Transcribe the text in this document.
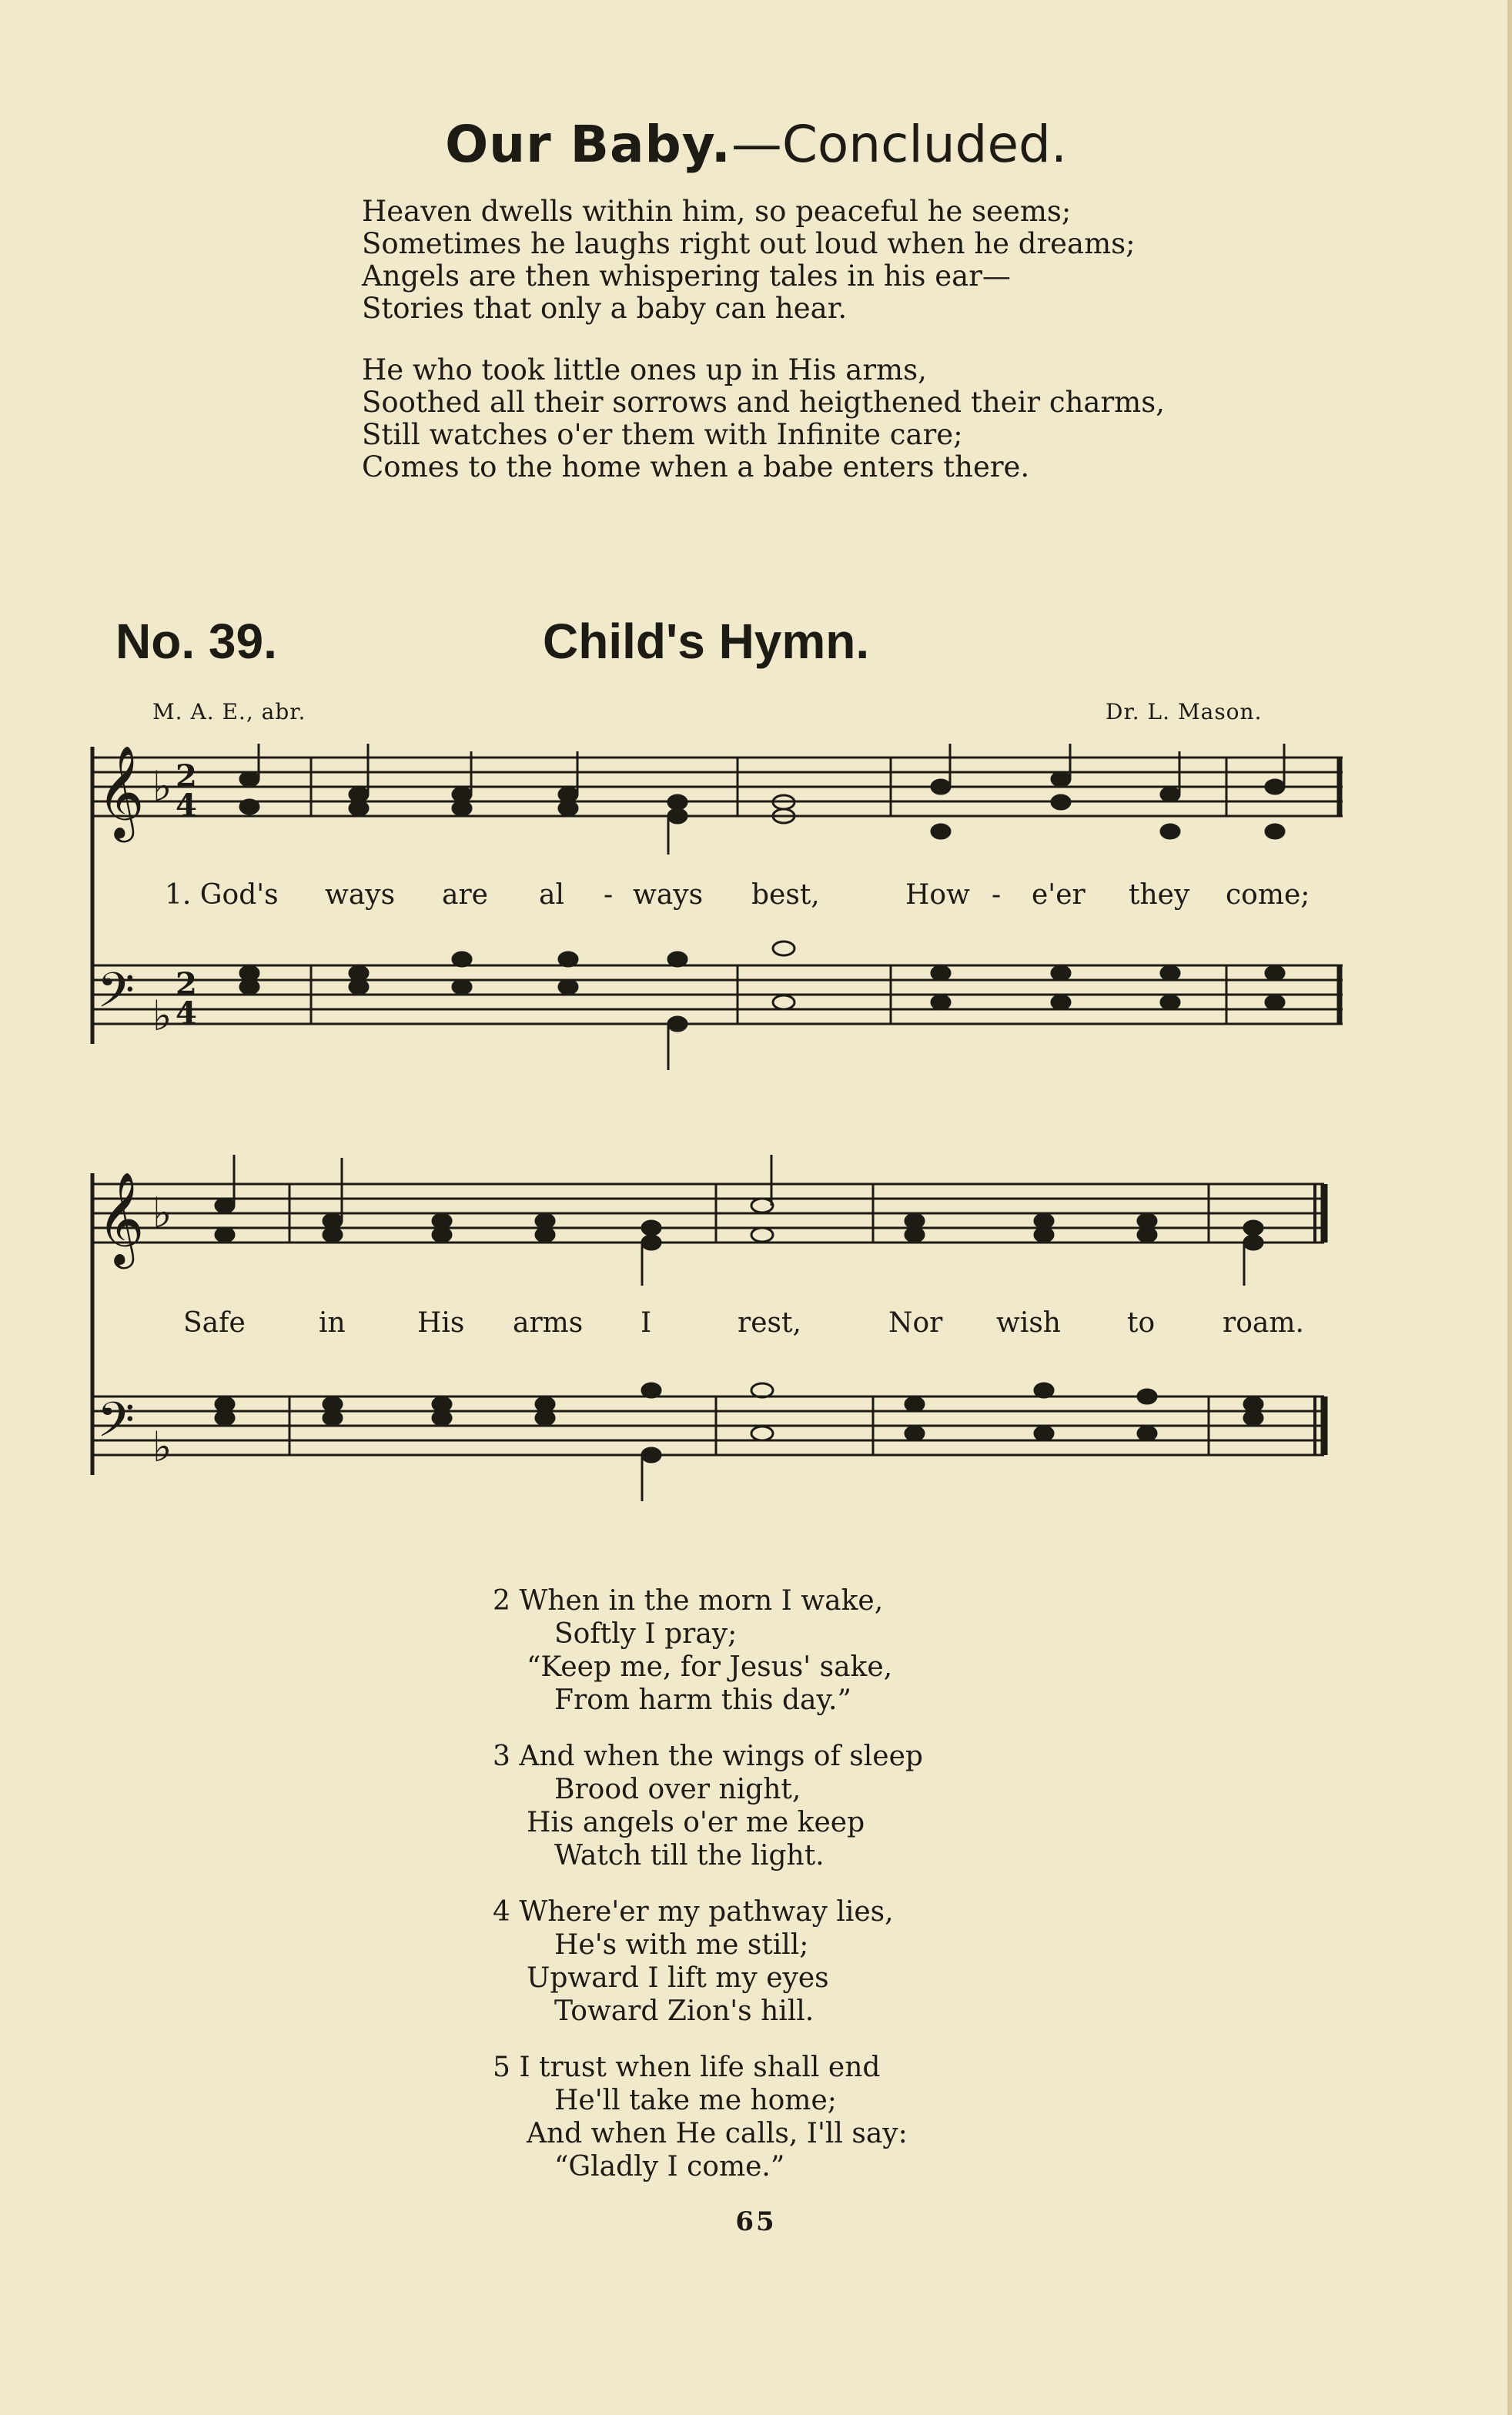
Our Baby.—Concluded.
Heaven dwells within him, so peaceful he seems;
Sometimes he laughs right out loud when he dreams;
Angels are then whispering tales in his ear—
Stories that only a baby can hear.
He who took little ones up in His arms,
Soothed all their sorrows and heigthened their charms,
Still watches o'er them with Infinite care;
Comes to the home when a babe enters there.
No. 39.	Child's Hymn.
M. A. E., abr.	Dr. L. Mason.
𝄞
𝄢
𝄞
𝄢
♭
♭
♭
♭
2
4
2
4
1. God's ways are al - ways best,	How - e'er they come;
Safe	in	His arms I	rest,	Nor wish to roam.
2 When in the morn I wake,
Softly I pray;
“Keep me, for Jesus' sake,
From harm this day.”
3 And when the wings of sleep
Brood over night,
His angels o'er me keep
Watch till the light.
4 Where'er my pathway lies,
He's with me still;
Upward I lift my eyes
Toward Zion's hill.
5 I trust when life shall end
He'll take me home;
And when He calls, I'll say:
“Gladly I come.”
65
